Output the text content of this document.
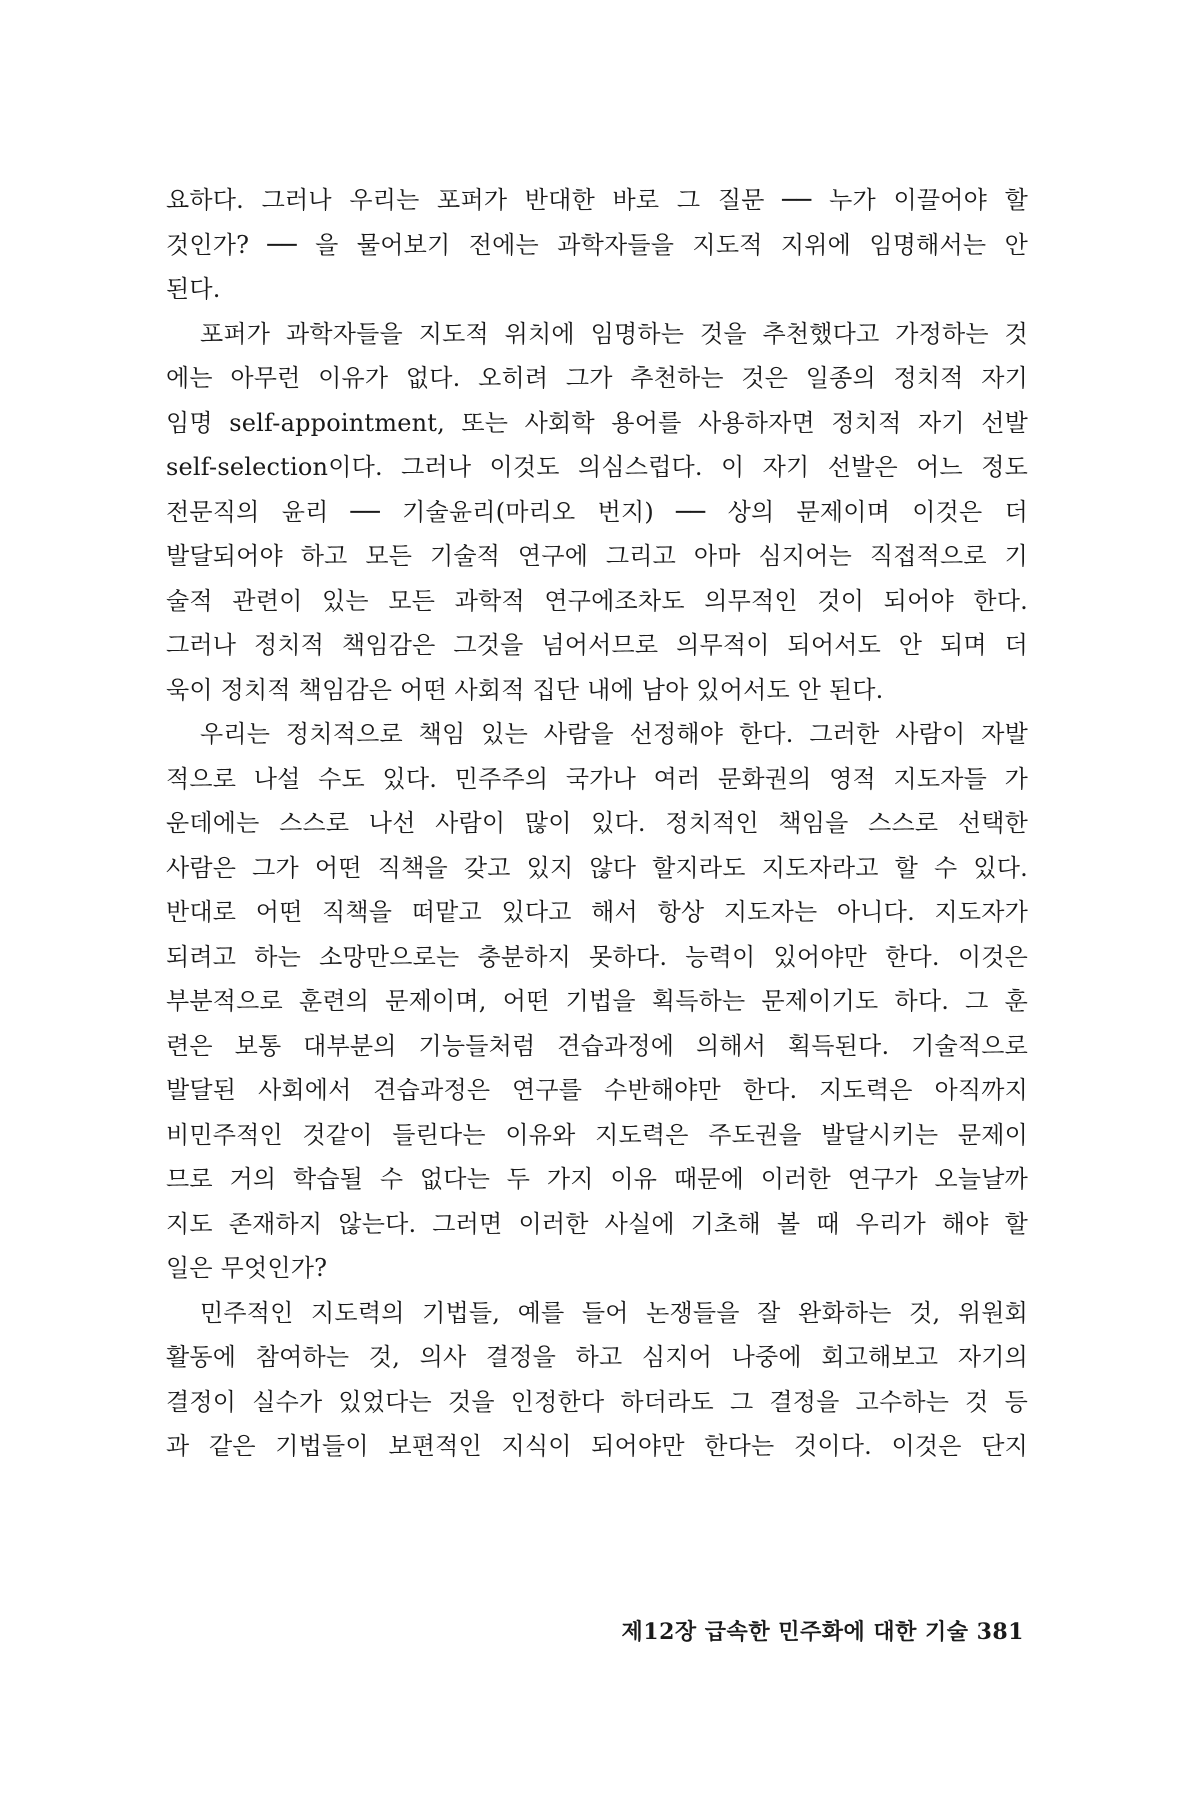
요하다. 그러나 우리는 포퍼가 반대한 바로 그 질문 ── 누가 이끌어야 할
것인가? ── 을 물어보기 전에는 과학자들을 지도적 지위에 임명해서는 안
된다.
포퍼가 과학자들을 지도적 위치에 임명하는 것을 추천했다고 가정하는 것
에는 아무런 이유가 없다. 오히려 그가 추천하는 것은 일종의 정치적 자기
임명 self-appointment, 또는 사회학 용어를 사용하자면 정치적 자기 선발
self-selection이다. 그러나 이것도 의심스럽다. 이 자기 선발은 어느 정도
전문직의 윤리 ── 기술윤리(마리오 번지) ── 상의 문제이며 이것은 더
발달되어야 하고 모든 기술적 연구에 그리고 아마 심지어는 직접적으로 기
술적 관련이 있는 모든 과학적 연구에조차도 의무적인 것이 되어야 한다.
그러나 정치적 책임감은 그것을 넘어서므로 의무적이 되어서도 안 되며 더
욱이 정치적 책임감은 어떤 사회적 집단 내에 남아 있어서도 안 된다.
우리는 정치적으로 책임 있는 사람을 선정해야 한다. 그러한 사람이 자발
적으로 나설 수도 있다. 민주주의 국가나 여러 문화권의 영적 지도자들 가
운데에는 스스로 나선 사람이 많이 있다. 정치적인 책임을 스스로 선택한
사람은 그가 어떤 직책을 갖고 있지 않다 할지라도 지도자라고 할 수 있다.
반대로 어떤 직책을 떠맡고 있다고 해서 항상 지도자는 아니다. 지도자가
되려고 하는 소망만으로는 충분하지 못하다. 능력이 있어야만 한다. 이것은
부분적으로 훈련의 문제이며, 어떤 기법을 획득하는 문제이기도 하다. 그 훈
련은 보통 대부분의 기능들처럼 견습과정에 의해서 획득된다. 기술적으로
발달된 사회에서 견습과정은 연구를 수반해야만 한다. 지도력은 아직까지
비민주적인 것같이 들린다는 이유와 지도력은 주도권을 발달시키는 문제이
므로 거의 학습될 수 없다는 두 가지 이유 때문에 이러한 연구가 오늘날까
지도 존재하지 않는다. 그러면 이러한 사실에 기초해 볼 때 우리가 해야 할
일은 무엇인가?
민주적인 지도력의 기법들, 예를 들어 논쟁들을 잘 완화하는 것, 위원회
활동에 참여하는 것, 의사 결정을 하고 심지어 나중에 회고해보고 자기의
결정이 실수가 있었다는 것을 인정한다 하더라도 그 결정을 고수하는 것 등
과 같은 기법들이 보편적인 지식이 되어야만 한다는 것이다. 이것은 단지
제12장 급속한 민주화에 대한 기술 381
